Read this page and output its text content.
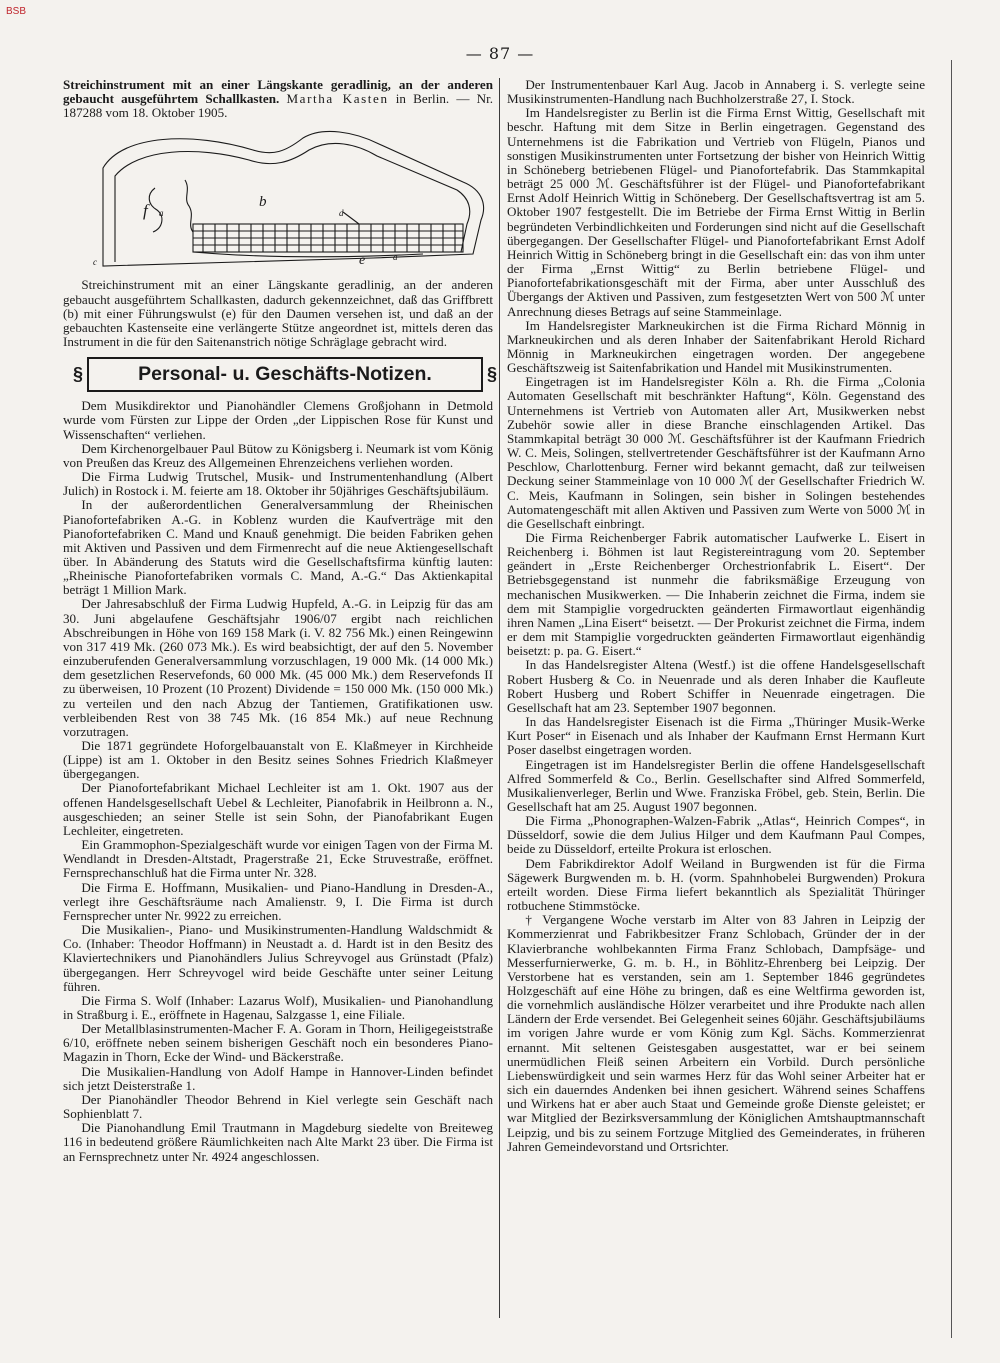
BSB
— 87 —

Streichinstrument mit an einer Längskante geradlinig, an der anderen gebaucht ausgeführtem Schallkasten. Martha Kasten in Berlin. — Nr. 187288 vom 18. Oktober 1905.

f a
b
c
d
e	a

Streichinstrument mit an einer Längskante geradlinig, an der anderen gebaucht ausgeführtem Schallkasten, dadurch gekennzeichnet, daß das Griffbrett (b) mit einer Führungswulst (e) für den Daumen versehen ist, und daß an der gebauchten Kastenseite eine verlängerte Stütze angeordnet ist, mittels deren das Instrument in die für den Saitenanstrich nötige Schräglage gebracht wird.

§ Personal- u. Geschäfts-Notizen. §

Dem Musikdirektor und Pianohändler Clemens Großjohann in Detmold wurde vom Fürsten zur Lippe der Orden „der Lippischen Rose für Kunst und Wissenschaften“ verliehen.

Dem Kirchenorgelbauer Paul Bütow zu Königsberg i. Neumark ist vom König von Preußen das Kreuz des Allgemeinen Ehrenzeichens verliehen worden.

Die Firma Ludwig Trutschel, Musik- und Instrumentenhandlung (Albert Julich) in Rostock i. M. feierte am 18. Oktober ihr 50jähriges Geschäftsjubiläum.

In der außerordentlichen Generalversammlung der Rheinischen Pianofortefabriken A.-G. in Koblenz wurden die Kaufverträge mit den Pianofortefabriken C. Mand und Knauß genehmigt. Die beiden Fabriken gehen mit Aktiven und Passiven und dem Firmenrecht auf die neue Aktiengesellschaft über. In Abänderung des Statuts wird die Gesellschaftsfirma künftig lauten: „Rheinische Pianofortefabriken vormals C. Mand, A.-G.“ Das Aktienkapital beträgt 1 Million Mark.

Der Jahresabschluß der Firma Ludwig Hupfeld, A.-G. in Leipzig für das am 30. Juni abgelaufene Geschäftsjahr 1906/07 ergibt nach reichlichen Abschreibungen in Höhe von 169 158 Mark (i. V. 82 756 Mk.) einen Reingewinn von 317 419 Mk. (260 073 Mk.). Es wird beabsichtigt, der auf den 5. November einzuberufenden Generalversammlung vorzuschlagen, 19 000 Mk. (14 000 Mk.) dem gesetzlichen Reservefonds, 60 000 Mk. (45 000 Mk.) dem Reservefonds II zu überweisen, 10 Prozent (10 Prozent) Dividende = 150 000 Mk. (150 000 Mk.) zu verteilen und den nach Abzug der Tantiemen, Gratifikationen usw. verbleibenden Rest von 38 745 Mk. (16 854 Mk.) auf neue Rechnung vorzutragen.

Die 1871 gegründete Hoforgelbauanstalt von E. Klaßmeyer in Kirchheide (Lippe) ist am 1. Oktober in den Besitz seines Sohnes Friedrich Klaßmeyer übergegangen.

Der Pianofortefabrikant Michael Lechleiter ist am 1. Okt. 1907 aus der offenen Handelsgesellschaft Uebel & Lechleiter, Pianofabrik in Heilbronn a. N., ausgeschieden; an seiner Stelle ist sein Sohn, der Pianofabrikant Eugen Lechleiter, eingetreten.

Ein Grammophon-Spezialgeschäft wurde vor einigen Tagen von der Firma M. Wendlandt in Dresden-Altstadt, Pragerstraße 21, Ecke Struvestraße, eröffnet. Fernsprechanschluß hat die Firma unter Nr. 328.

Die Firma E. Hoffmann, Musikalien- und Piano-Handlung in Dresden-A., verlegt ihre Geschäftsräume nach Amalienstr. 9, I. Die Firma ist durch Fernsprecher unter Nr. 9922 zu erreichen.

Die Musikalien-, Piano- und Musikinstrumenten-Handlung Waldschmidt & Co. (Inhaber: Theodor Hoffmann) in Neustadt a. d. Hardt ist in den Besitz des Klaviertechnikers und Pianohändlers Julius Schreyvogel aus Grünstadt (Pfalz) übergegangen. Herr Schreyvogel wird beide Geschäfte unter seiner Leitung führen.

Die Firma S. Wolf (Inhaber: Lazarus Wolf), Musikalien- und Pianohandlung in Straßburg i. E., eröffnete in Hagenau, Salzgasse 1, eine Filiale.

Der Metallblasinstrumenten-Macher F. A. Goram in Thorn, Heiligegeiststraße 6/10, eröffnete neben seinem bisherigen Geschäft noch ein besonderes Piano-Magazin in Thorn, Ecke der Wind- und Bäckerstraße.

Die Musikalien-Handlung von Adolf Hampe in Hannover-Linden befindet sich jetzt Deisterstraße 1.

Der Pianohändler Theodor Behrend in Kiel verlegte sein Geschäft nach Sophienblatt 7.

Die Pianohandlung Emil Trautmann in Magdeburg siedelte von Breiteweg 116 in bedeutend größere Räumlichkeiten nach Alte Markt 23 über. Die Firma ist an Fernsprechnetz unter Nr. 4924 angeschlossen.

Der Instrumentenbauer Karl Aug. Jacob in Annaberg i. S. verlegte seine Musikinstrumenten-Handlung nach Buchholzerstraße 27, I. Stock.

Im Handelsregister zu Berlin ist die Firma Ernst Wittig, Gesellschaft mit beschr. Haftung mit dem Sitze in Berlin eingetragen. Gegenstand des Unternehmens ist die Fabrikation und Vertrieb von Flügeln, Pianos und sonstigen Musikinstrumenten unter Fortsetzung der bisher von Heinrich Wittig in Schöneberg betriebenen Flügel- und Pianofortefabrik. Das Stammkapital beträgt 25 000 ℳ. Geschäftsführer ist der Flügel- und Pianofortefabrikant Ernst Adolf Heinrich Wittig in Schöneberg. Der Gesellschaftsvertrag ist am 5. Oktober 1907 festgestellt. Die im Betriebe der Firma Ernst Wittig in Berlin begründeten Verbindlichkeiten und Forderungen sind nicht auf die Gesellschaft übergegangen. Der Gesellschafter Flügel- und Pianofortefabrikant Ernst Adolf Heinrich Wittig in Schöneberg bringt in die Gesellschaft ein: das von ihm unter der Firma „Ernst Wittig“ zu Berlin betriebene Flügel- und Pianofortefabrikationsgeschäft mit der Firma, aber unter Ausschluß des Übergangs der Aktiven und Passiven, zum festgesetzten Wert von 500 ℳ unter Anrechnung dieses Betrags auf seine Stammeinlage.

Im Handelsregister Markneukirchen ist die Firma Richard Mönnig in Markneukirchen und als deren Inhaber der Saitenfabrikant Herold Richard Mönnig in Markneukirchen eingetragen worden. Der angegebene Geschäftszweig ist Saitenfabrikation und Handel mit Musikinstrumenten.

Eingetragen ist im Handelsregister Köln a. Rh. die Firma „Colonia Automaten Gesellschaft mit beschränkter Haftung“, Köln. Gegenstand des Unternehmens ist Vertrieb von Automaten aller Art, Musikwerken nebst Zubehör sowie aller in diese Branche einschlagenden Artikel. Das Stammkapital beträgt 30 000 ℳ. Geschäftsführer ist der Kaufmann Friedrich W. C. Meis, Solingen, stellvertretender Geschäftsführer ist der Kaufmann Arno Peschlow, Charlottenburg. Ferner wird bekannt gemacht, daß zur teilweisen Deckung seiner Stammeinlage von 10 000 ℳ der Gesellschafter Friedrich W. C. Meis, Kaufmann in Solingen, sein bisher in Solingen bestehendes Automatengeschäft mit allen Aktiven und Passiven zum Werte von 5000 ℳ in die Gesellschaft einbringt.

Die Firma Reichenberger Fabrik automatischer Laufwerke L. Eisert in Reichenberg i. Böhmen ist laut Registereintragung vom 20. September geändert in „Erste Reichenberger Orchestrionfabrik L. Eisert“. Der Betriebsgegenstand ist nunmehr die fabriksmäßige Erzeugung von mechanischen Musikwerken. — Die Inhaberin zeichnet die Firma, indem sie dem mit Stampiglie vorgedruckten geänderten Firmawortlaut eigenhändig ihren Namen „Lina Eisert“ beisetzt. — Der Prokurist zeichnet die Firma, indem er dem mit Stampiglie vorgedruckten geänderten Firmawortlaut eigenhändig beisetzt: p. pa. G. Eisert.“

In das Handelsregister Altena (Westf.) ist die offene Handelsgesellschaft Robert Husberg & Co. in Neuenrade und als deren Inhaber die Kaufleute Robert Husberg und Robert Schiffer in Neuenrade eingetragen. Die Gesellschaft hat am 23. September 1907 begonnen.

In das Handelsregister Eisenach ist die Firma „Thüringer Musik-Werke Kurt Poser“ in Eisenach und als Inhaber der Kaufmann Ernst Hermann Kurt Poser daselbst eingetragen worden.

Eingetragen ist im Handelsregister Berlin die offene Handelsgesellschaft Alfred Sommerfeld & Co., Berlin. Gesellschafter sind Alfred Sommerfeld, Musikalienverleger, Berlin und Wwe. Franziska Fröbel, geb. Stein, Berlin. Die Gesellschaft hat am 25. August 1907 begonnen.

Die Firma „Phonographen-Walzen-Fabrik „Atlas“, Heinrich Compes“, in Düsseldorf, sowie die dem Julius Hilger und dem Kaufmann Paul Compes, beide zu Düsseldorf, erteilte Prokura ist erloschen.

Dem Fabrikdirektor Adolf Weiland in Burgwenden ist für die Firma Sägewerk Burgwenden m. b. H. (vorm. Spahnhobelei Burgwenden) Prokura erteilt worden. Diese Firma liefert bekanntlich als Spezialität Thüringer rotbuchene Stimmstöcke.

† Vergangene Woche verstarb im Alter von 83 Jahren in Leipzig der Kommerzienrat und Fabrikbesitzer Franz Schlobach, Gründer der in der Klavierbranche wohlbekannten Firma Franz Schlobach, Dampfsäge- und Messerfurnierwerke, G. m. b. H., in Böhlitz-Ehrenberg bei Leipzig. Der Verstorbene hat es verstanden, sein am 1. September 1846 gegründetes Holzgeschäft auf eine Höhe zu bringen, daß es eine Weltfirma geworden ist, die vornehmlich ausländische Hölzer verarbeitet und ihre Produkte nach allen Ländern der Erde versendet. Bei Gelegenheit seines 60jähr. Geschäftsjubiläums im vorigen Jahre wurde er vom König zum Kgl. Sächs. Kommerzienrat ernannt. Mit seltenen Geistesgaben ausgestattet, war er bei seinem unermüdlichen Fleiß seinen Arbeitern ein Vorbild. Durch persönliche Liebenswürdigkeit und sein warmes Herz für das Wohl seiner Arbeiter hat er sich ein dauerndes Andenken bei ihnen gesichert. Während seines Schaffens und Wirkens hat er aber auch Staat und Gemeinde große Dienste geleistet; er war Mitglied der Bezirksversammlung der Königlichen Amtshauptmannschaft Leipzig, und bis zu seinem Fortzuge Mitglied des Gemeinderates, in früheren Jahren Gemeindevorstand und Ortsrichter.
